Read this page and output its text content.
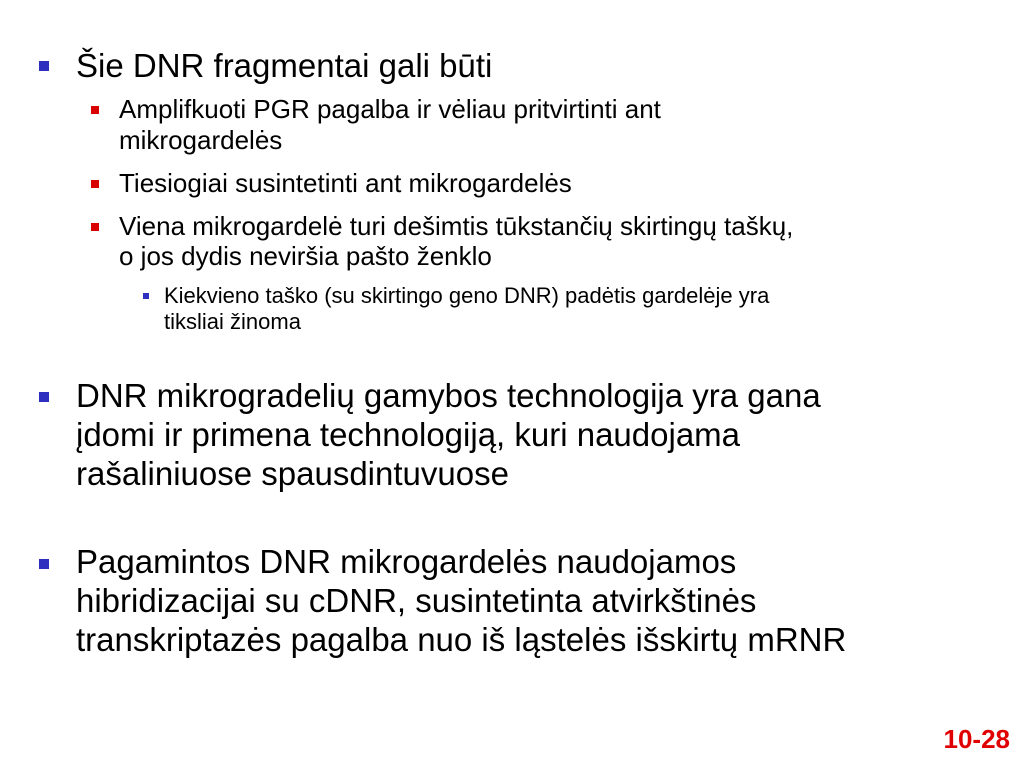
Šie DNR fragmentai gali būti

Amplifkuoti PGR pagalba ir vėliau pritvirtinti ant

mikrogardelės

Tiesiogiai susintetinti ant mikrogardelės

Viena mikrogardelė turi dešimtis tūkstančių skirtingų taškų,

o jos dydis neviršia pašto ženklo

Kiekvieno taško (su skirtingo geno DNR) padėtis gardelėje yra

tiksliai žinoma

DNR mikrogradelių gamybos technologija yra gana

įdomi ir primena technologiją, kuri naudojama

rašaliniuose spausdintuvuose

Pagamintos DNR mikrogardelės naudojamos

hibridizacijai su cDNR, susintetinta atvirkštinės

transkriptazės pagalba nuo iš ląstelės išskirtų mRNR

10-28
